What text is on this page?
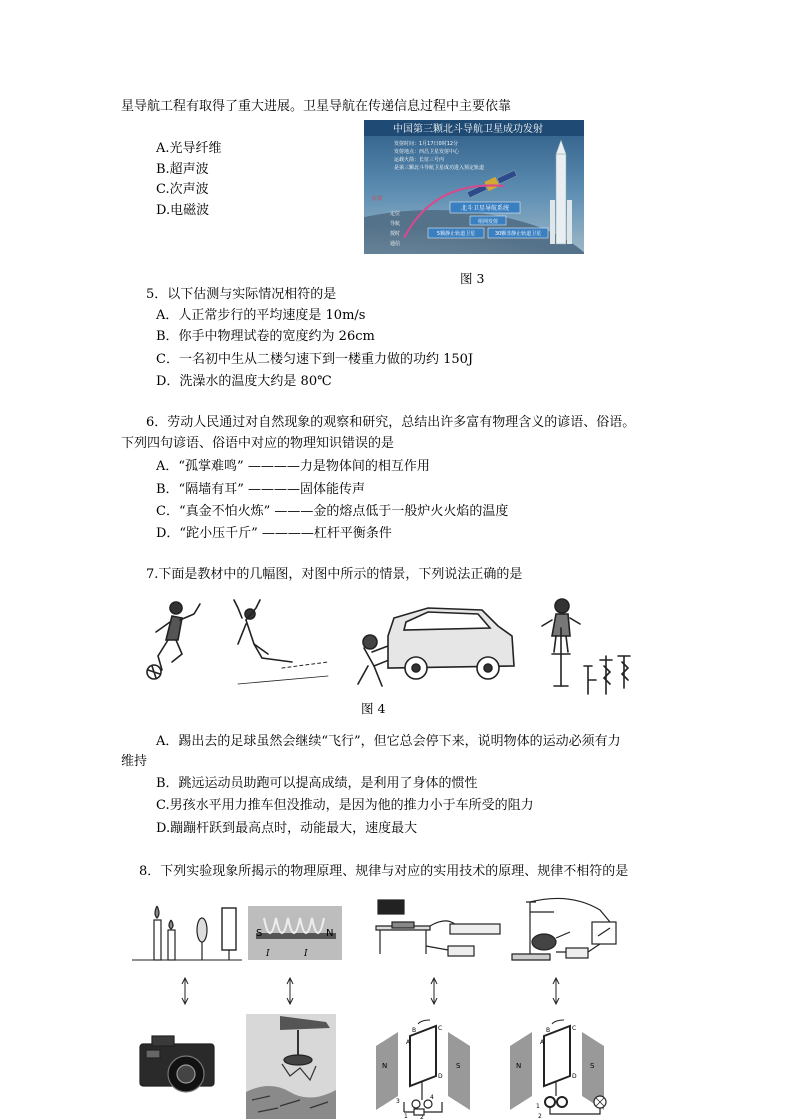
星导航工程有取得了重大进展。卫星导航在传递信息过程中主要依靠
A.光导纤维
B.超声波
C.次声波
D.电磁波
中国第三颗北斗导航卫星成功发射
发射时间：1月17日0时12分
发射地点：西昌卫星发射中心
运载火箭：长征三号丙
是第三颗北斗导航卫星成功进入预定轨道
位置
定位
导航
授时
通信
北斗卫星导航系统
组网发射
5颗静止轨道卫星	30颗非静止轨道卫星
图 3
5．以下估测与实际情况相符的是
A．人正常步行的平均速度是 10m/s
B．你手中物理试卷的宽度约为 26cm
C．一名初中生从二楼匀速下到一楼重力做的功约 150J
D．洗澡水的温度大约是 80℃
6．劳动人民通过对自然现象的观察和研究，总结出许多富有物理含义的谚语、俗语。
下列四句谚语、俗语中对应的物理知识错误的是
A．“孤掌难鸣” ————力是物体间的相互作用
B．“隔墙有耳” ————固体能传声
C．“真金不怕火炼” ———金的熔点低于一般炉火火焰的温度
D．“跎小压千斤” ————杠杆平衡条件
7.下面是教材中的几幅图，对图中所示的情景，下列说法正确的是
图 4
A．踢出去的足球虽然会继续“飞行”，但它总会停下来，说明物体的运动必须有力
维持
B．跳远运动员助跑可以提高成绩，是利用了身体的惯性
C.男孩水平用力推车但没推动，是因为他的推力小于车所受的阻力
D.蹦蹦杆跃到最高点时，动能最大，速度最大
8．下列实验现象所揭示的物理原理、规律与对应的实用技术的原理、规律不相符的是
S	N
I	I
N	S
A
B	C
D
3
4
1 2
N	S
A
B	C
D
1
2
